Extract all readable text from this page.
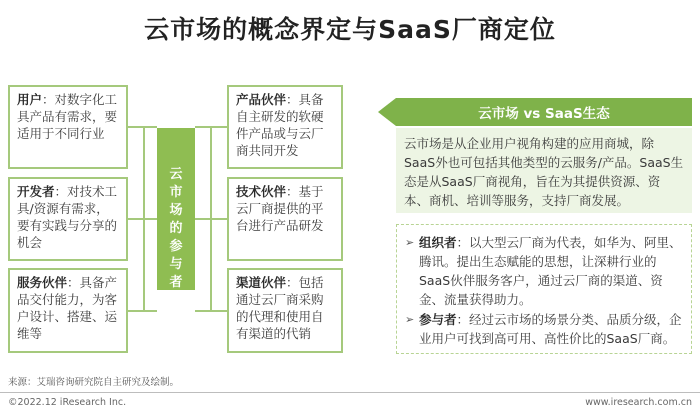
云市场的概念界定与SaaS厂商定位
用户：对数字化工具产品有需求，要适用于不同行业
开发者：对技术工具/资源有需求，要有实践与分享的机会
服务伙伴：具备产品交付能力，为客户设计、搭建、运维等
云
市
场
的
参
与
者
产品伙伴：具备自主研发的软硬件产品或与云厂商共同开发
技术伙伴：基于云厂商提供的平台进行产品研发
渠道伙伴：包括通过云厂商采购的代理和使用自有渠道的代销
云市场 vs SaaS生态
云市场是从企业用户视角构建的应用商城，除SaaS外也可包括其他类型的云服务/产品。SaaS生态是从SaaS厂商视角，旨在为其提供资源、资本、商机、培训等服务，支持厂商发展。
➢ 组织者：以大型云厂商为代表，如华为、阿里、腾讯。提出生态赋能的思想，让深耕行业的SaaS伙伴服务客户，通过云厂商的渠道、资金、流量获得助力。
➢ 参与者：经过云市场的场景分类、品质分级，企业用户可找到高可用、高性价比的SaaS厂商。
来源：艾瑞咨询研究院自主研究及绘制。
©2022.12 iResearch Inc.	www.iresearch.com.cn
